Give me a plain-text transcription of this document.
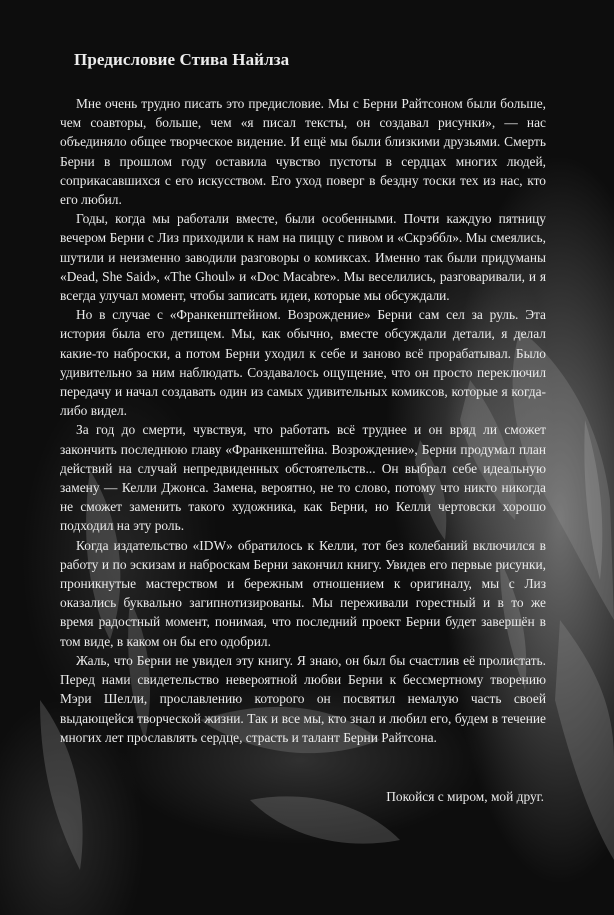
Предисловие Стива Найлза

Мне очень трудно писать это предисловие. Мы с Берни Райтсоном были больше, чем соавторы, больше, чем «я писал тексты, он создавал рисунки», — нас объединяло общее творческое видение. И ещё мы были близкими друзьями. Смерть Берни в прошлом году оставила чувство пустоты в сердцах многих людей, соприкасавшихся с его искусством. Его уход поверг в бездну тоски тех из нас, кто его любил.

Годы, когда мы работали вместе, были особенными. Почти каждую пятницу вечером Берни с Лиз приходили к нам на пиццу с пивом и «Скрэббл». Мы смеялись, шутили и неизменно заводили разговоры о комиксах. Именно так были придуманы «Dead, She Said», «The Ghoul» и «Doc Macabre». Мы веселились, разговаривали, и я всегда улучал момент, чтобы записать идеи, которые мы обсуждали.

Но в случае с «Франкенштейном. Возрождение» Берни сам сел за руль. Эта история была его детищем. Мы, как обычно, вместе обсуждали детали, я делал какие-то наброски, а потом Берни уходил к себе и заново всё прорабатывал. Было удивительно за ним наблюдать. Создавалось ощущение, что он просто переключил передачу и начал создавать один из самых удивительных комиксов, которые я когда-либо видел.

За год до смерти, чувствуя, что работать всё труднее и он вряд ли сможет закончить последнюю главу «Франкенштейна. Возрождение», Берни продумал план действий на случай непредвиденных обстоятельств... Он выбрал себе идеальную замену — Келли Джонса. Замена, вероятно, не то слово, потому что никто никогда не сможет заменить такого художника, как Берни, но Келли чертовски хорошо подходил на эту роль.

Когда издательство «IDW» обратилось к Келли, тот без колебаний включился в работу и по эскизам и наброскам Берни закончил книгу. Увидев его первые рисунки, проникнутые мастерством и бережным отношением к оригиналу, мы с Лиз оказались буквально загипнотизированы. Мы переживали горестный и в то же время радостный момент, понимая, что последний проект Берни будет завершён в том виде, в каком он бы его одобрил.

Жаль, что Берни не увидел эту книгу. Я знаю, он был бы счастлив её пролистать. Перед нами свидетельство невероятной любви Берни к бессмертному творению Мэри Шелли, прославлению которого он посвятил немалую часть своей выдающейся творческой жизни. Так и все мы, кто знал и любил его, будем в течение многих лет прославлять сердце, страсть и талант Берни Райтсона.

Покойся с миром, мой друг.
